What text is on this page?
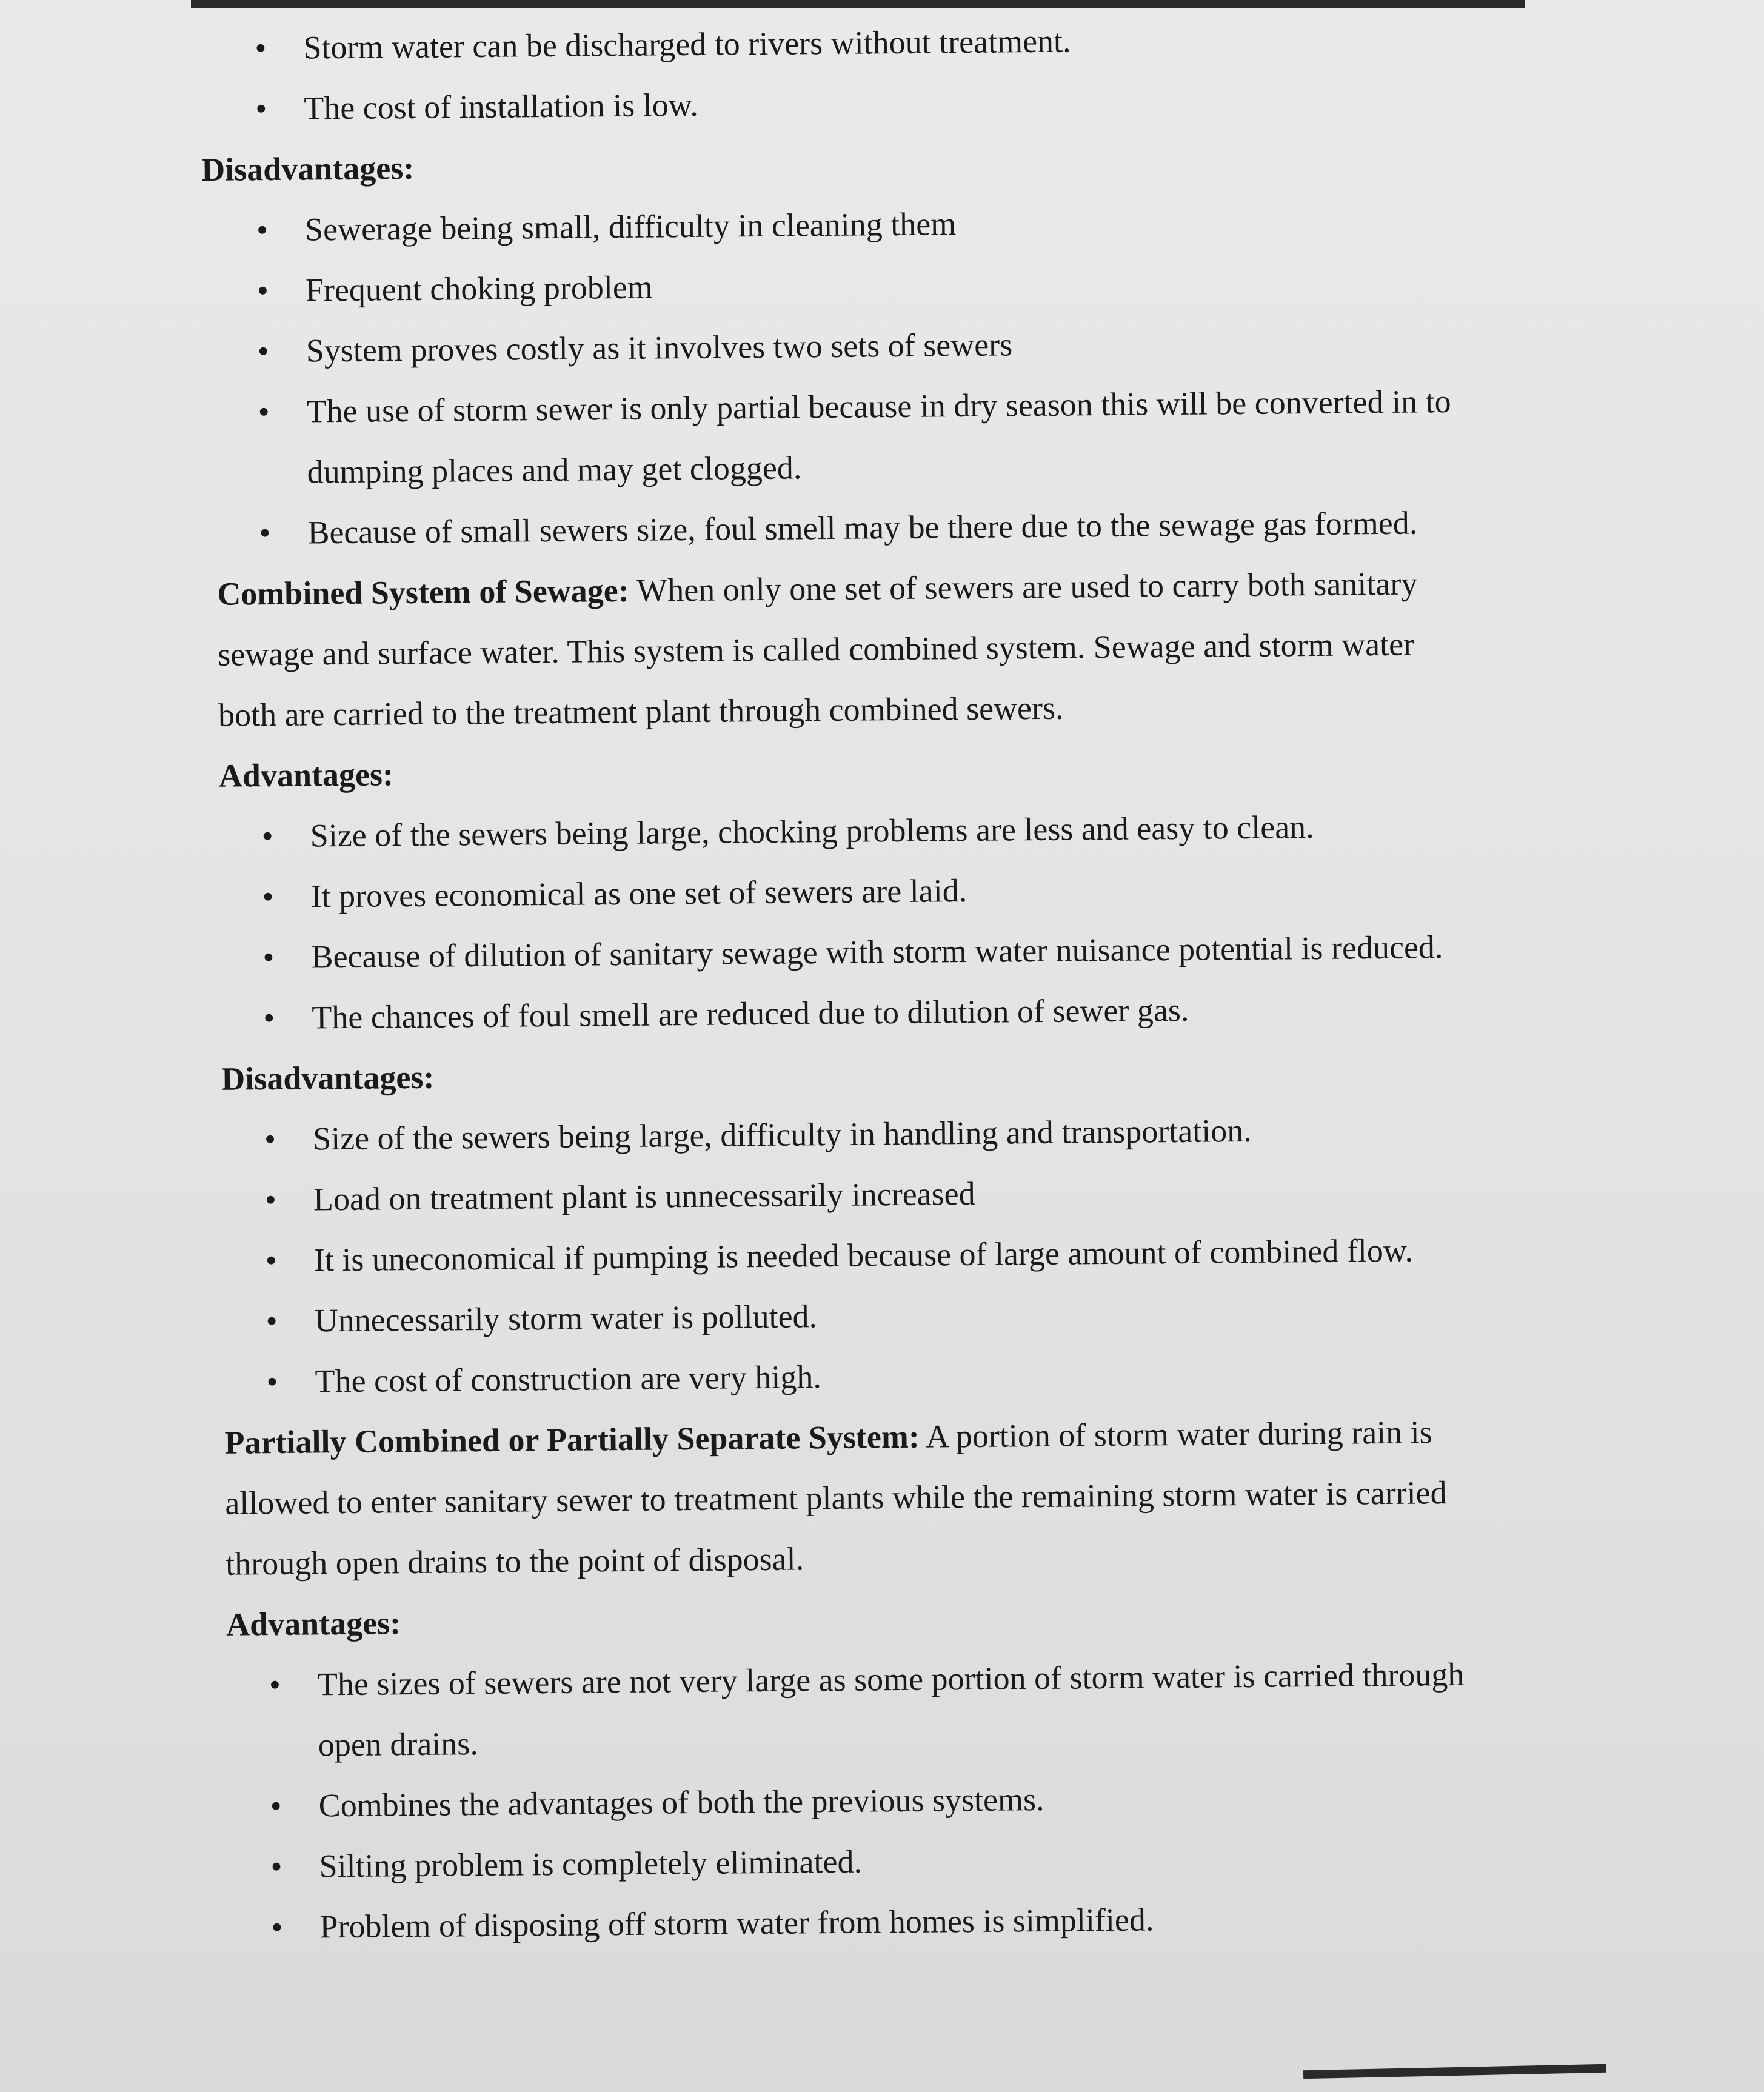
• Storm water can be discharged to rivers without treatment.
• The cost of installation is low.
Disadvantages:
• Sewerage being small, difficulty in cleaning them
• Frequent choking problem
• System proves costly as it involves two sets of sewers
• The use of storm sewer is only partial because in dry season this will be converted in to
dumping places and may get clogged.
• Because of small sewers size, foul smell may be there due to the sewage gas formed.
Combined System of Sewage: When only one set of sewers are used to carry both sanitary
sewage and surface water. This system is called combined system. Sewage and storm water
both are carried to the treatment plant through combined sewers.
Advantages:
• Size of the sewers being large, chocking problems are less and easy to clean.
• It proves economical as one set of sewers are laid.
• Because of dilution of sanitary sewage with storm water nuisance potential is reduced.
• The chances of foul smell are reduced due to dilution of sewer gas.
Disadvantages:
• Size of the sewers being large, difficulty in handling and transportation.
• Load on treatment plant is unnecessarily increased
• It is uneconomical if pumping is needed because of large amount of combined flow.
• Unnecessarily storm water is polluted.
• The cost of construction are very high.
Partially Combined or Partially Separate System: A portion of storm water during rain is
allowed to enter sanitary sewer to treatment plants while the remaining storm water is carried
through open drains to the point of disposal.
Advantages:
• The sizes of sewers are not very large as some portion of storm water is carried through
open drains.
• Combines the advantages of both the previous systems.
• Silting problem is completely eliminated.
• Problem of disposing off storm water from homes is simplified.
